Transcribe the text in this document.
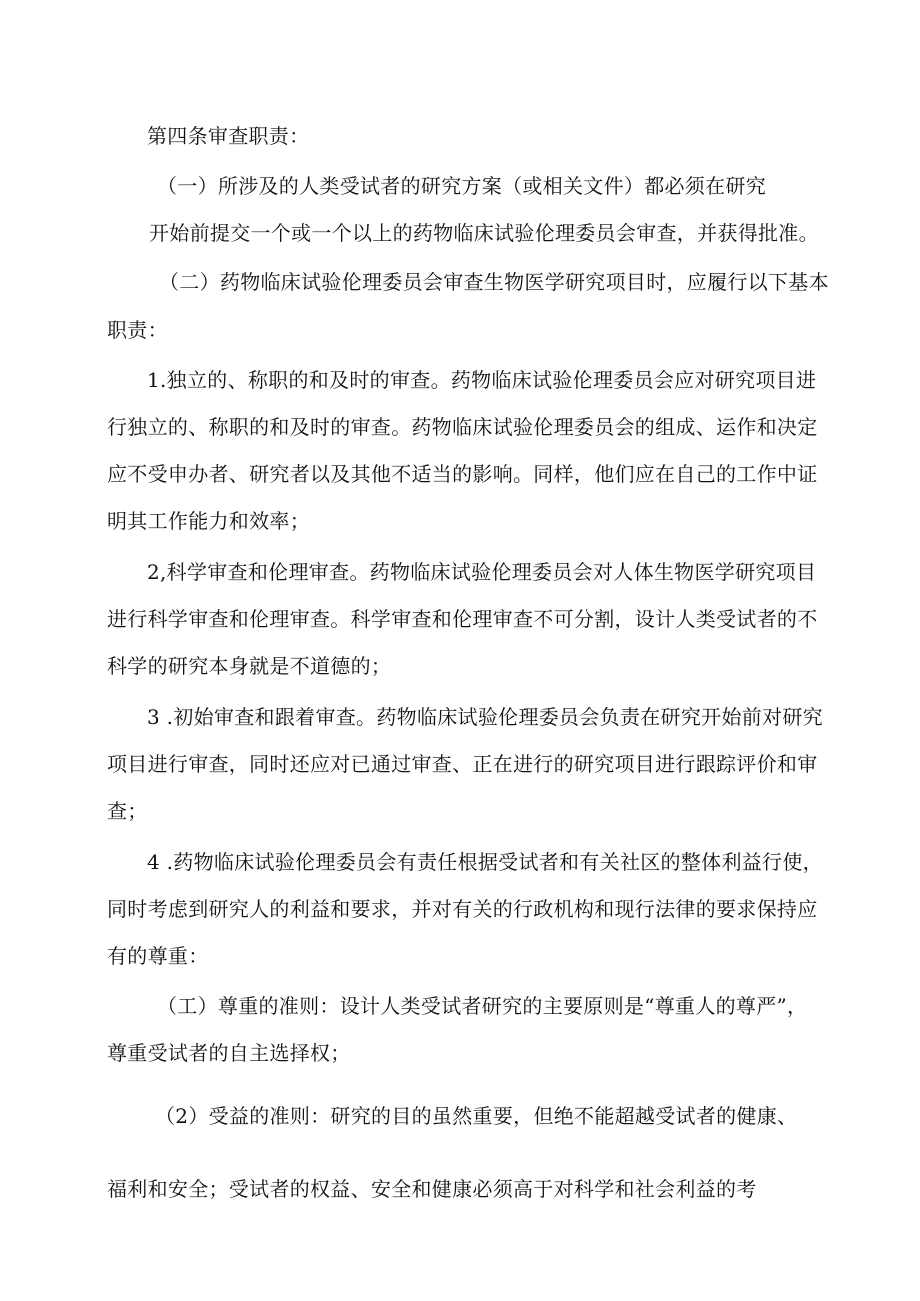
第四条审查职责：
（一）所涉及的人类受试者的研究方案（或相关文件）都必须在研究
开始前提交一个或一个以上的药物临床试验伦理委员会审查，并获得批准。
（二）药物临床试验伦理委员会审查生物医学研究项目时，应履行以下基本
职责：
1.独立的、称职的和及时的审查。药物临床试验伦理委员会应对研究项目进
行独立的、称职的和及时的审查。药物临床试验伦理委员会的组成、运作和决定
应不受申办者、研究者以及其他不适当的影响。同样，他们应在自己的工作中证
明其工作能力和效率；
2,科学审查和伦理审查。药物临床试验伦理委员会对人体生物医学研究项目
进行科学审查和伦理审查。科学审查和伦理审查不可分割，设计人类受试者的不
科学的研究本身就是不道德的；
3 .初始审查和跟着审查。药物临床试验伦理委员会负责在研究开始前对研究
项目进行审查，同时还应对已通过审查、正在进行的研究项目进行跟踪评价和审
查；
4 .药物临床试验伦理委员会有责任根据受试者和有关社区的整体利益行使，
同时考虑到研究人的利益和要求，并对有关的行政机构和现行法律的要求保持应
有的尊重：
（工）尊重的准则：设计人类受试者研究的主要原则是“尊重人的尊严”，
尊重受试者的自主选择权；
（2）受益的准则：研究的目的虽然重要，但绝不能超越受试者的健康、
福利和安全；受试者的权益、安全和健康必须高于对科学和社会利益的考
